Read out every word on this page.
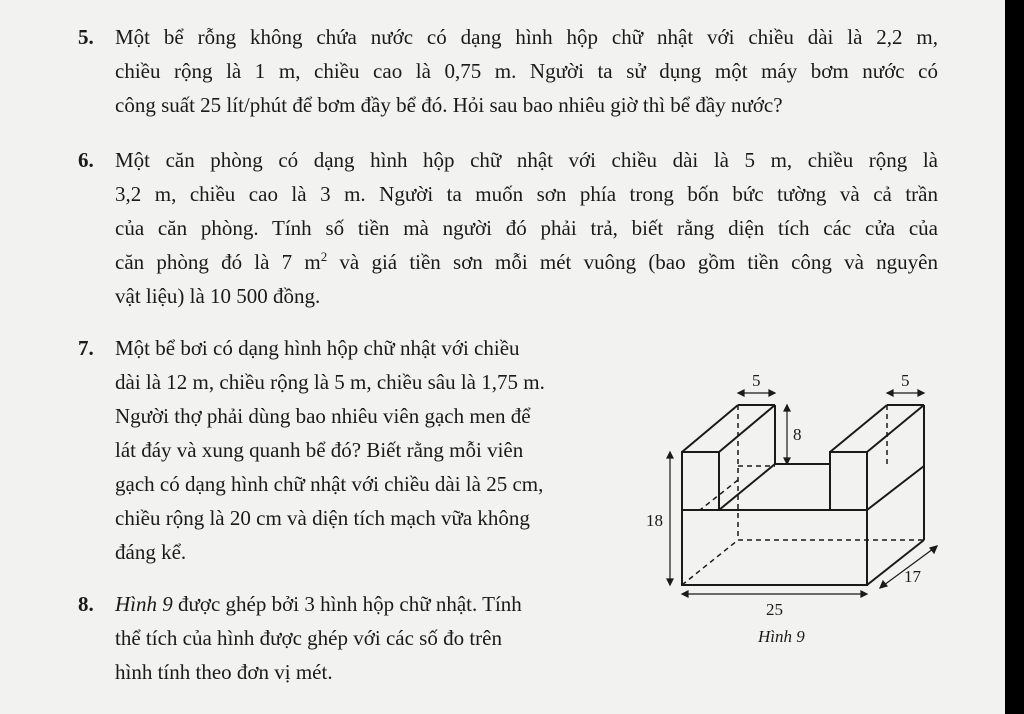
5. Một bể rỗng không chứa nước có dạng hình hộp chữ nhật với chiều dài là 2,2 m,
chiều rộng là 1 m, chiều cao là 0,75 m. Người ta sử dụng một máy bơm nước có
công suất 25 lít/phút để bơm đầy bể đó. Hỏi sau bao nhiêu giờ thì bể đầy nước?
6. Một căn phòng có dạng hình hộp chữ nhật với chiều dài là 5 m, chiều rộng là
3,2 m, chiều cao là 3 m. Người ta muốn sơn phía trong bốn bức tường và cả trần
của căn phòng. Tính số tiền mà người đó phải trả, biết rằng diện tích các cửa của
căn phòng đó là 7 $m^2$ và giá tiền sơn mỗi mét vuông (bao gồm tiền công và nguyên
vật liệu) là 10 500 đồng.
7. Một bể bơi có dạng hình hộp chữ nhật với chiều
dài là 12 m, chiều rộng là 5 m, chiều sâu là 1,75 m.
Người thợ phải dùng bao nhiêu viên gạch men để
lát đáy và xung quanh bể đó? Biết rằng mỗi viên
gạch có dạng hình chữ nhật với chiều dài là 25 cm,
chiều rộng là 20 cm và diện tích mạch vữa không
đáng kể.
8. Hình 9 được ghép bởi 3 hình hộp chữ nhật. Tính
thể tích của hình được ghép với các số đo trên
hình tính theo đơn vị mét.
5	5
8
18
17
25
Hình 9
